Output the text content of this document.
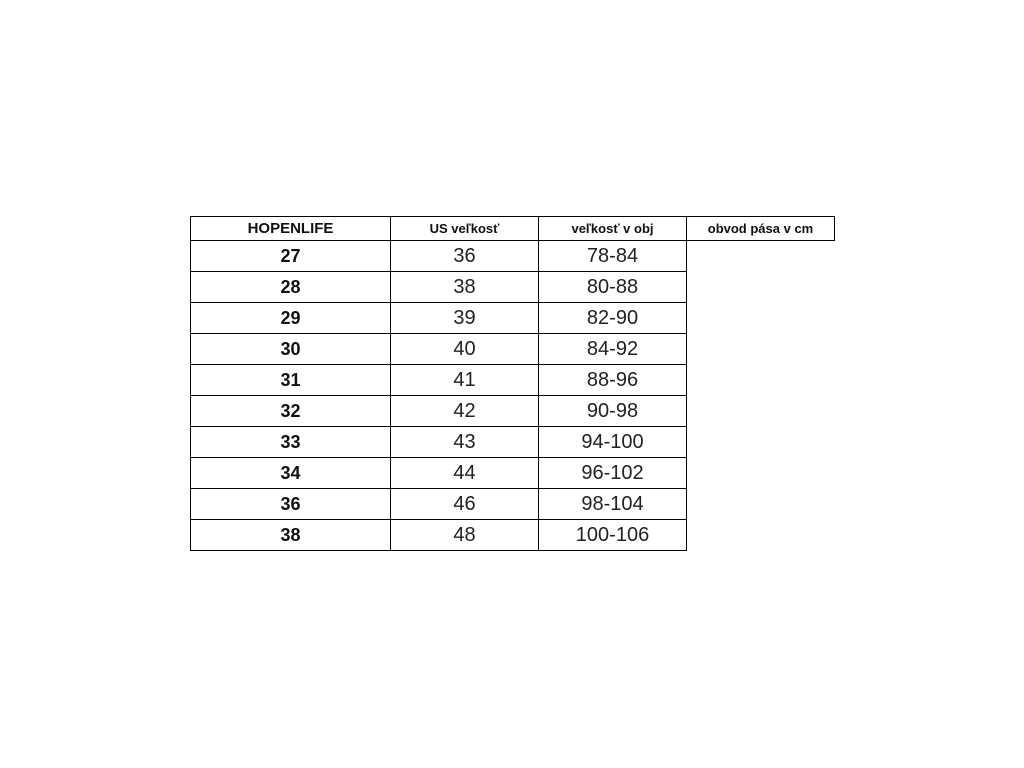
HOPENLIFE	US veľkosť	veľkosť v obj	obvod pása v cm
27	36	78-84	
28	38	80-88	
29	39	82-90	
30	40	84-92	
31	41	88-96	
32	42	90-98	
33	43	94-100	
34	44	96-102	
36	46	98-104	
38	48	100-106	
